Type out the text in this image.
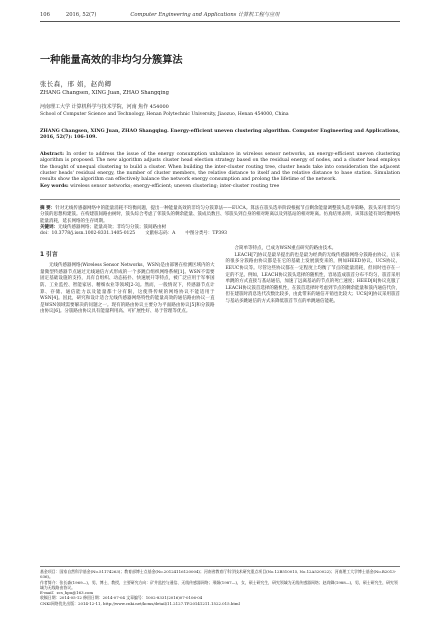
106	2016, 52(7)	Computer Engineering and Applications 计算机工程与应用
一种能量高效的非均匀分簇算法
张长森，邢 娟，赵尚卿
ZHANG Changsen, XING Juan, ZHAO Shangqing
河南理工大学 计算机科学与技术学院，河南 焦作 454000
School of Computer Science and Technology, Henan Polytechnic University, Jiaozuo, Henan 454000, China
ZHANG Changsen, XING Juan, ZHAO Shangqing. Energy-efficient uneven clustering algorithm. Computer Engineering and Applications, 2016, 52(7): 106-109.
Abstract: In order to address the issue of the energy consumption unbalance in wireless sensor networks, an energy-efficient uneven clustering algorithm is proposed. The new algorithm adjusts cluster head election strategy based on the residual energy of nodes, and a cluster head employs the thought of unequal clustering to build a cluster. When building the inter-cluster routing tree, cluster heads take into consideration the adjacent cluster heads' residual energy, the number of cluster members, the relative distance to itself and the relative distance to base station. Simulation results show the algorithm can effectively balance the network energy consumption and prolong the lifetime of the network.
Key words: wireless sensor networks; energy-efficient; uneven clustering; inter-cluster routing tree
摘 要：针对无线传感器网络中的能量消耗不均衡问题，提出一种能量高效的非均匀分簇算法——EUCA。算法在簇头选举阶段根据节点剩余能量调整簇头选举策略，簇头采用非均匀分簇的思想构建簇。在构建簇间路由树时，簇头综合考虑了邻簇头的剩余能量、簇成员数目、邻簇头到自身的相对距离以及到基站的相对距离。仿真结果表明，该算法能有效均衡网络能量消耗，延长网络的生存周期。
关键词：无线传感器网络；能量高效；非均匀分簇；簇间路由树
doi：10.3778/j.issn.1002-8331.1405-0125 文献标志码：A 中图分类号：TP393
1 引言

无线传感器网络(Wireless Sensor Networks，WSN)是由部署在检测区域内的大量微型传感器节点通过无线通信方式形成的一个多跳自组织网络系统[1]。WSN不需要固定基础设施的支持，具有自组织、动态拓扑、快速展开等特点，被广泛应用于军事国防、工业监控、智能家居、精细农业等领域[2-3]。然而，一般情况下，传感器节点计算、存储、通信能力以及能量都十分有限，这使得传统的网络协议不能适用于WSN[4]。因此，研究和设计适合无线传感器网络特性的能量高效的通信路由协议一直是WSN领域需要解决的问题之一。现有的路由协议主要分为平面路由协议[5]和分簇路由协议[6]。分簇路由协议具有能量利用高、可扩展性好、易于管理等优点。

合简单等特点，已成为WSN重点研究的路由技术。

LEACH[7]协议是最早提出的也是最为经典的无线传感器网络分簇路由协议，后来的很多分簇路由协议都是在它的基础上发展演变来的，例如HEED协议、UCS协议、EEUC协议等。尽管这些协议都在一定程度上均衡了节点的能量消耗，但同时也存在一定的不足。例如，LEACH协议簇头选择的随机性，容易造成簇首分布不均匀，簇首采用单跳的方式直接与基站通信，加速了远离基站的节点的死亡速度；HEED[8]协议克服了LEACH协议簇首选择的随机性，在簇首选择时考虑到节点的剩余能量和簇内通信代价，但在建簇时消息迭代次数比较多，由此带来的通信开销也比较大；UCS[9]协议采用簇首与基站多跳通信的方式来降低簇首节点的单跳通信能耗。

基金项目：国家自然科学基金(No.51174263)；教育部博士点基金(No.20124116120004)；河南省教育厅科学技术研究重点项目(No.12B510015, No.12A520022)；河南理工大学博士基金(No.B2013-036)。
作者简介：张长森(1969—)，男，博士，教授，主要研究方向：矿井监控与通信、无线传感器网络；邢娟(1987—)，女，硕士研究生，研究领域为无线传感器网络；赵尚卿(1988—)，男，硕士研究生，研究领域为无线路由协议。
E-mail：zcs_hpu@163.com
收稿日期：2014-05-12 修回日期：2014-07-04 文章编号：1002-8331(2016)07-0106-04
CNKI网络优先出版：2014-12-11, http://www.cnki.net/kcms/detail/11.2127.TP.20141211.1522.015.html
